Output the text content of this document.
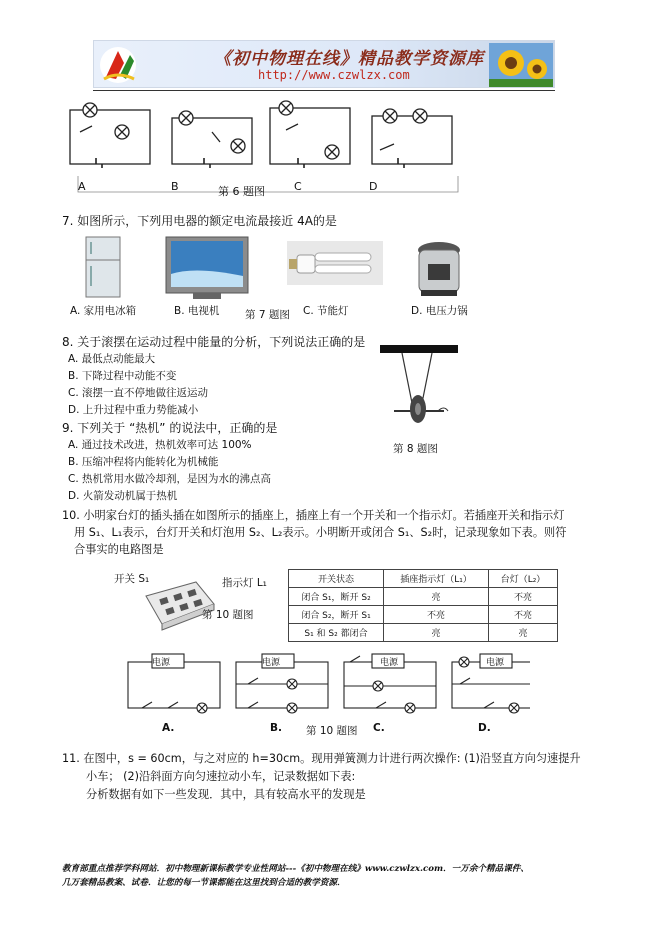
《初中物理在线》精品教学资源库
http://www.czwlzx.com
A	B	C	D
第 6 题图
7. 如图所示，下列用电器的额定电流最接近 4A的是
A. 家用电冰箱	B. 电视机 第 7 题图 C. 节能灯	D. 电压力锅
8. 关于滚摆在运动过程中能量的分析，下列说法正确的是
A. 最低点动能最大
B. 下降过程中动能不变
C. 滚摆一直不停地做往返运动
D. 上升过程中重力势能减小
第 8 题图
9. 下列关于 “热机” 的说法中，正确的是
A. 通过技术改进，热机效率可达 100%
B. 压缩冲程将内能转化为机械能
C. 热机常用水做冷却剂，是因为水的沸点高
D. 火箭发动机属于热机
10. 小明家台灯的插头插在如图所示的插座上，插座上有一个开关和一个指示灯。若插座开关和指示灯
用 S₁、L₁表示，台灯开关和灯泡用 S₂、L₂表示。小明断开或闭合 S₁、S₂时，记录现象如下表。则符
合事实的电路图是
开关 S₁	指示灯 L₁
第 10 题图
开关状态	插座指示灯（L₁）	台灯（L₂）
闭合 S₁，断开 S₂	亮	不亮
闭合 S₂，断开 S₁	不亮	不亮
S₁ 和 S₂ 都闭合	亮	亮
电源	电源	电源	电源
A.	B. 第 10 题图 C.	D.
11. 在图中，s = 60cm，与之对应的 h=30cm。现用弹簧测力计进行两次操作: (1)沿竖直方向匀速提升
小车； (2)沿斜面方向匀速拉动小车，记录数据如下表:
分析数据有如下一些发现．其中，具有较高水平的发现是
教育部重点推荐学科网站．初中物理新课标教学专业性网站---《初中物理在线》www.czwlzx.com．一万余个精品课件、
几万套精品教案、试卷．让您的每一节课都能在这里找到合适的教学资源．
